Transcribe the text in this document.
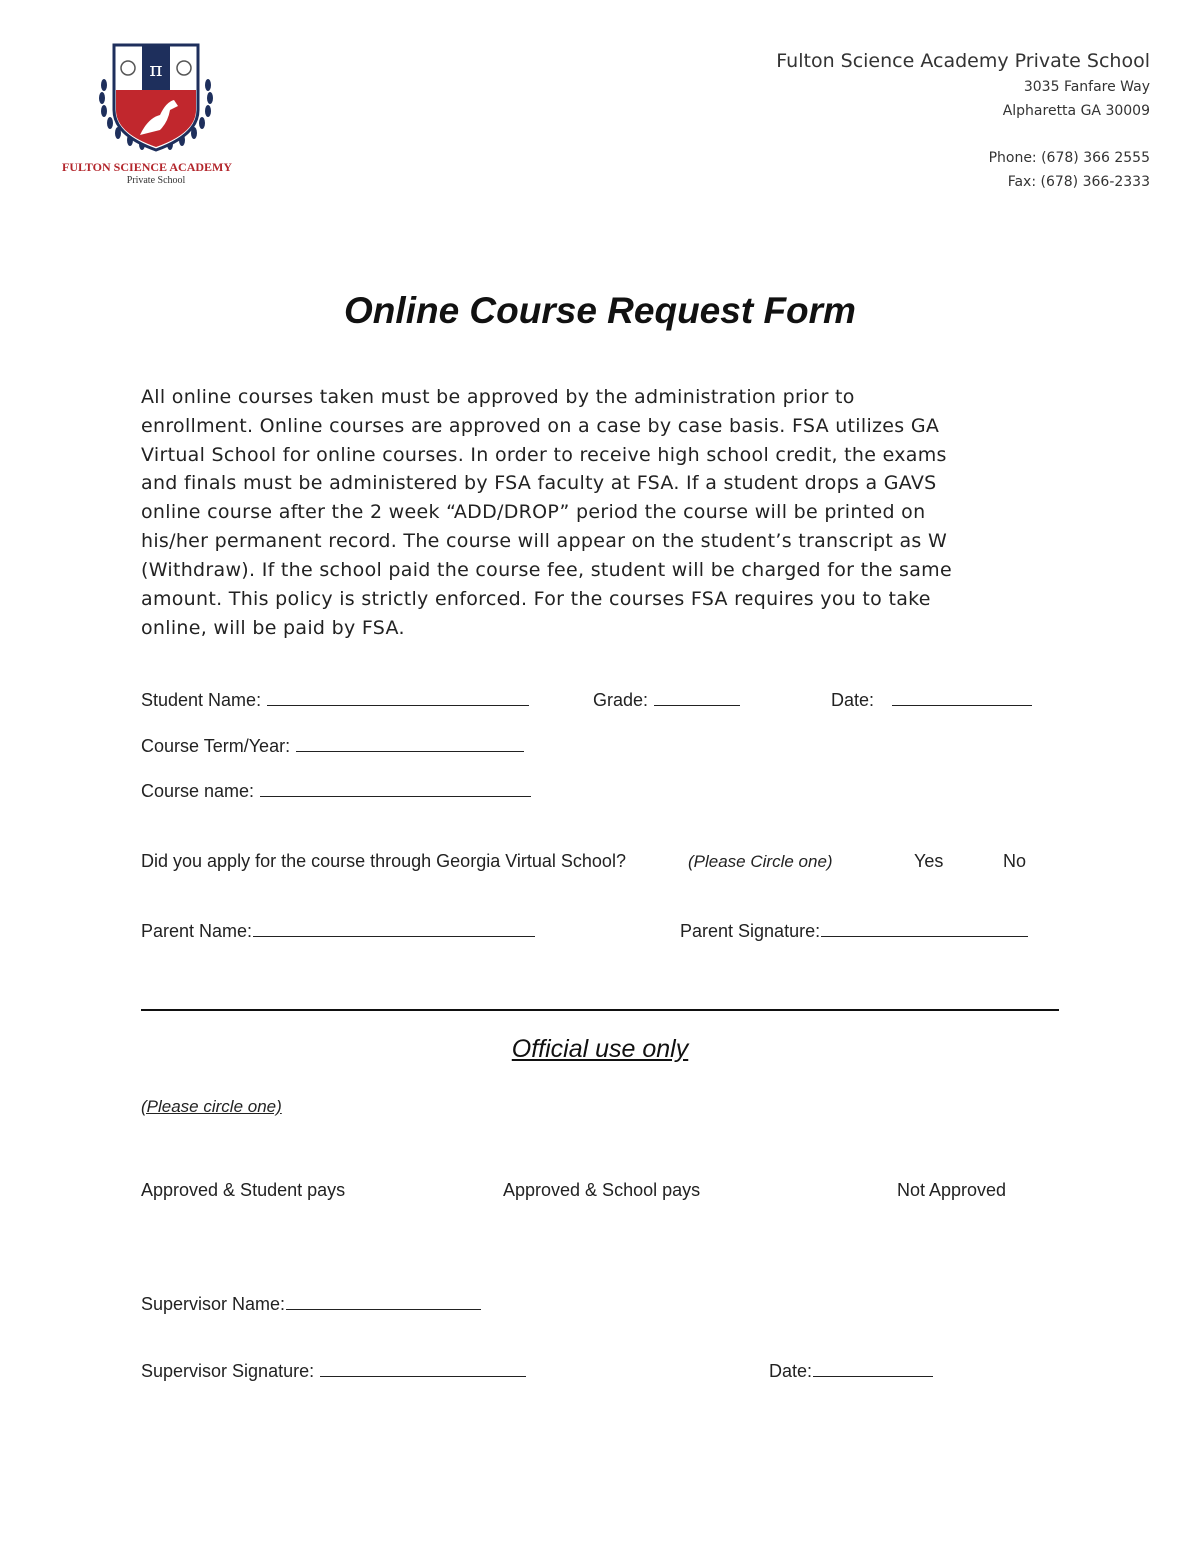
π
FULTON SCIENCE ACADEMY
Private School
Fulton Science Academy Private School
3035 Fanfare Way
Alpharetta GA 30009
Phone: (678) 366 2555
Fax: (678) 366-2333
Online Course Request Form
All online courses taken must be approved by the administration prior to
enrollment. Online courses are approved on a case by case basis. FSA utilizes GA
Virtual School for online courses. In order to receive high school credit, the exams
and finals must be administered by FSA faculty at FSA. If a student drops a GAVS
online course after the 2 week “ADD/DROP” period the course will be printed on
his/her permanent record. The course will appear on the student’s transcript as W
(Withdraw). If the school paid the course fee, student will be charged for the same
amount. This policy is strictly enforced. For the courses FSA requires you to take
online, will be paid by FSA.
Student Name:	Grade:	Date:
Course Term/Year:
Course name:
Did you apply for the course through Georgia Virtual School?	(Please Circle one)	Yes	No
Parent Name:	Parent Signature:
Official use only
(Please circle one)
Approved & Student pays	Approved & School pays	Not Approved
Supervisor Name:
Supervisor Signature:	Date:
